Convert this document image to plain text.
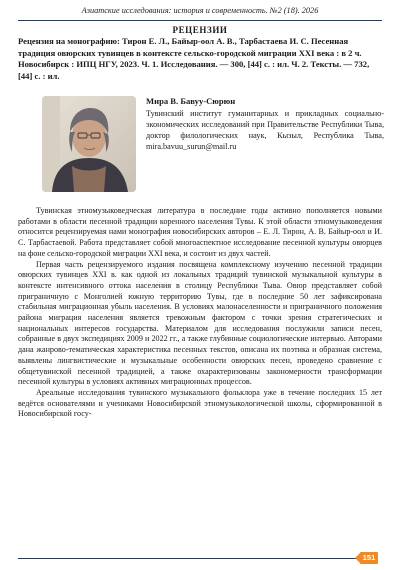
Азиатские исследования: история и современность. №2 (18). 2026
РЕЦЕНЗИИ
Рецензия на монографию: Тирон Е. Л., Байыр-оол А. В., Тарбастаева И. С. Песенная традиция овюрских тувинцев в контексте сельско-городской миграции XXI века : в 2 ч. Новосибирск : ИПЦ НГУ, 2023. Ч. 1. Исследования. — 300, [44] с. : ил. Ч. 2. Тексты. — 732, [44] с. : ил.
Мира В. Бавуу-Сюрюн
Тувинский институт гуманитарных и прикладных социально-экономических исследований при Правительстве Республики Тыва, доктор филологических наук, Кызыл, Республика Тыва, mira.bavuu_surun@mail.ru

Тувинская этномузыковедческая литература в последние годы активно пополняется новыми работами в области песенной традиции коренного населения Тувы. К этой области этномузыковедения относится рецензируемая нами монография новосибирских авторов – Е. Л. Тирон, А. В. Байыр-оол и И. С. Тарбастаевой. Работа представляет собой многоаспектное исследование песенной культуры овюрцев на фоне сельско-городской миграции XXI века, и состоит из двух частей.

Первая часть рецензируемого издания посвящена комплексному изучению песенной традиции овюрских тувинцев XXI в. как одной из локальных традиций тувинской музыкальной культуры в контексте интенсивного оттока населения в столицу Республики Тыва. Овюр представляет собой приграничную с Монголией южную территорию Тувы, где в последние 50 лет зафиксирована стабильная миграционная убыль населения. В условиях малонаселенности и приграничного положения района миграция населения является тревожным фактором с точки зрения стратегических и национальных интересов государства. Материалом для исследования послужили записи песен, собранные в двух экспедициях 2009 и 2022 гг., а также глубинные социологические интервью. Авторами дана жанрово-тематическая характеристика песенных текстов, описана их поэтика и образная система, выявлены лингвистические и музыкальные особенности овюрских песен, проведено сравнение с общетувинской песенной традицией, а также охарактеризованы закономерности трансформации песенной культуры в условиях активных миграционных процессов.

Ареальные исследования тувинского музыкального фольклора уже в течение последних 15 лет ведётся основателями и учениками Новосибирской этномузыкологической школы, сформированной в Новосибирской госу-

151
